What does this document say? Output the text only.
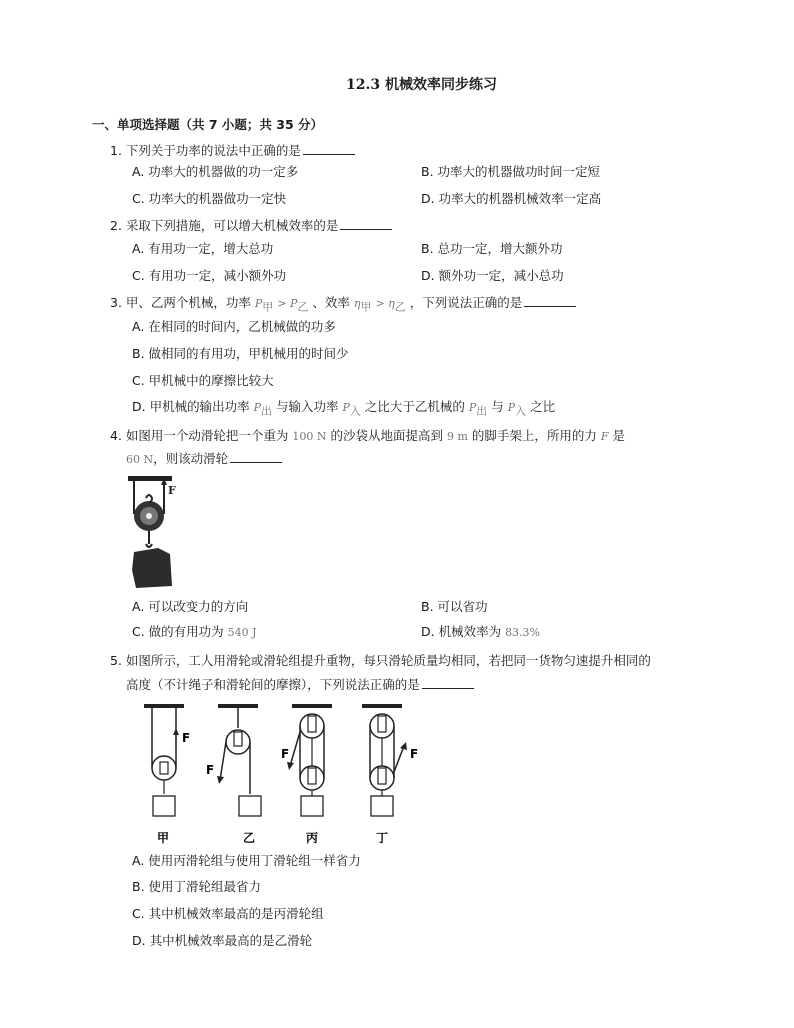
12.3 机械效率同步练习
一、单项选择题（共 7 小题；共 35 分）
1. 下列关于功率的说法中正确的是
A. 功率大的机器做的功一定多	B. 功率大的机器做功时间一定短
C. 功率大的机器做功一定快	D. 功率大的机器机械效率一定高
2. 采取下列措施，可以增大机械效率的是
A. 有用功一定，增大总功	B. 总功一定，增大额外功
C. 有用功一定，减小额外功	D. 额外功一定，减小总功
3. 甲、乙两个机械，功率 $P_甲 > P_乙$ 、效率 $\eta_甲 > \eta_乙$ ，下列说法正确的是
A. 在相同的时间内，乙机械做的功多
B. 做相同的有用功，甲机械用的时间少
C. 甲机械中的摩擦比较大
D. 甲机械的输出功率 $P_出$ 与输入功率 $P_入$ 之比大于乙机械的 $P_出$ 与 $P_入$ 之比
4. 如图用一个动滑轮把一个重为 100 N 的沙袋从地面提高到 9 m 的脚手架上，所用的力 F 是
60 N，则该动滑轮
F
A. 可以改变力的方向	B. 可以省功
C. 做的有用功为 540 J	D. 机械效率为 83.3%
5. 如图所示，工人用滑轮或滑轮组提升重物，每只滑轮质量均相同，若把同一货物匀速提升相同的
高度（不计绳子和滑轮间的摩擦），下列说法正确的是
F
F
F	F
甲	乙	丙	丁
A. 使用丙滑轮组与使用丁滑轮组一样省力
B. 使用丁滑轮组最省力
C. 其中机械效率最高的是丙滑轮组
D. 其中机械效率最高的是乙滑轮
